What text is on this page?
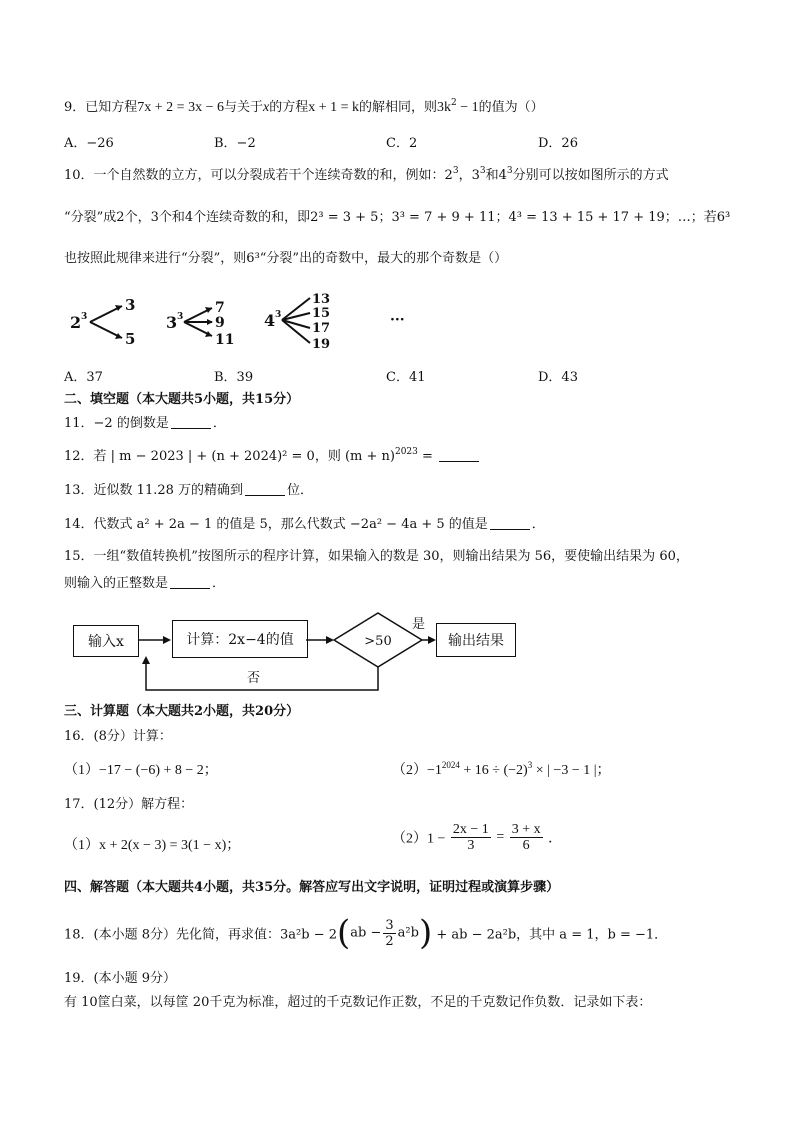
9．已知方程7x + 2 = 3x − 6与关于x的方程x + 1 = k的解相同，则$3k^2 - 1$的值为（）
A．−26	B．−2	C．2	D．26
10．一个自然数的立方，可以分裂成若干个连续奇数的和，例如：$2^3$，$3^3$和$4^3$分别可以按如图所示的方式
“分裂”成2个，3个和4个连续奇数的和，即2³ = 3 + 5；3³ = 7 + 9 + 11；4³ = 13 + 15 + 17 + 19；…；若6³
也按照此规律来进行“分裂”，则6³“分裂”出的奇数中，最大的那个奇数是（）
2 3
3
5
3 3
7
9
11
4 3
13
15
17
19
···
A．37	B．39	C．41	D．43
二、填空题（本大题共5小题，共15分）
11．−2 的倒数是	．
12．若 | m − 2023 | + (n + 2024)² = 0，则 $(m + n)^{2023}$ =
13．近似数 11.28 万的精确到	位．
14．代数式 a² + 2a − 1 的值是 5，那么代数式 −2a² − 4a + 5 的值是	．
15．一组“数值转换机”按图所示的程序计算，如果输入的数是 30，则输出结果为 56，要使输出结果为 60，
则输入的正整数是	．
输入x	计算：2x−4的值	输出结果
>50
是
否
三、计算题（本大题共2小题，共20分）
16．(8分）计算：
（1）−17 − (−6) + 8 − 2；	$(2)-1^{2024} + 16 \div (-2)^3$ × | −3 − 1 |；
17．(12分）解方程：
（1）x + 2(x − 3) = 3(1 − x)；	$(2)1 - \frac{2x - 1}{3} = \frac{3 + x}{6}$ ．
四、解答题（本大题共4小题，共35分。解答应写出文字说明，证明过程或演算步骤）
18．(本小题 8分）先化简，再求值：$3a^2b - 2(ab - \frac{3}{2} a^2b)$ + ab − 2a²b，其中 a = 1，b = −1．
19．(本小题 9分）
有 10筐白菜，以每筐 20千克为标准，超过的千克数记作正数，不足的千克数记作负数．记录如下表：
